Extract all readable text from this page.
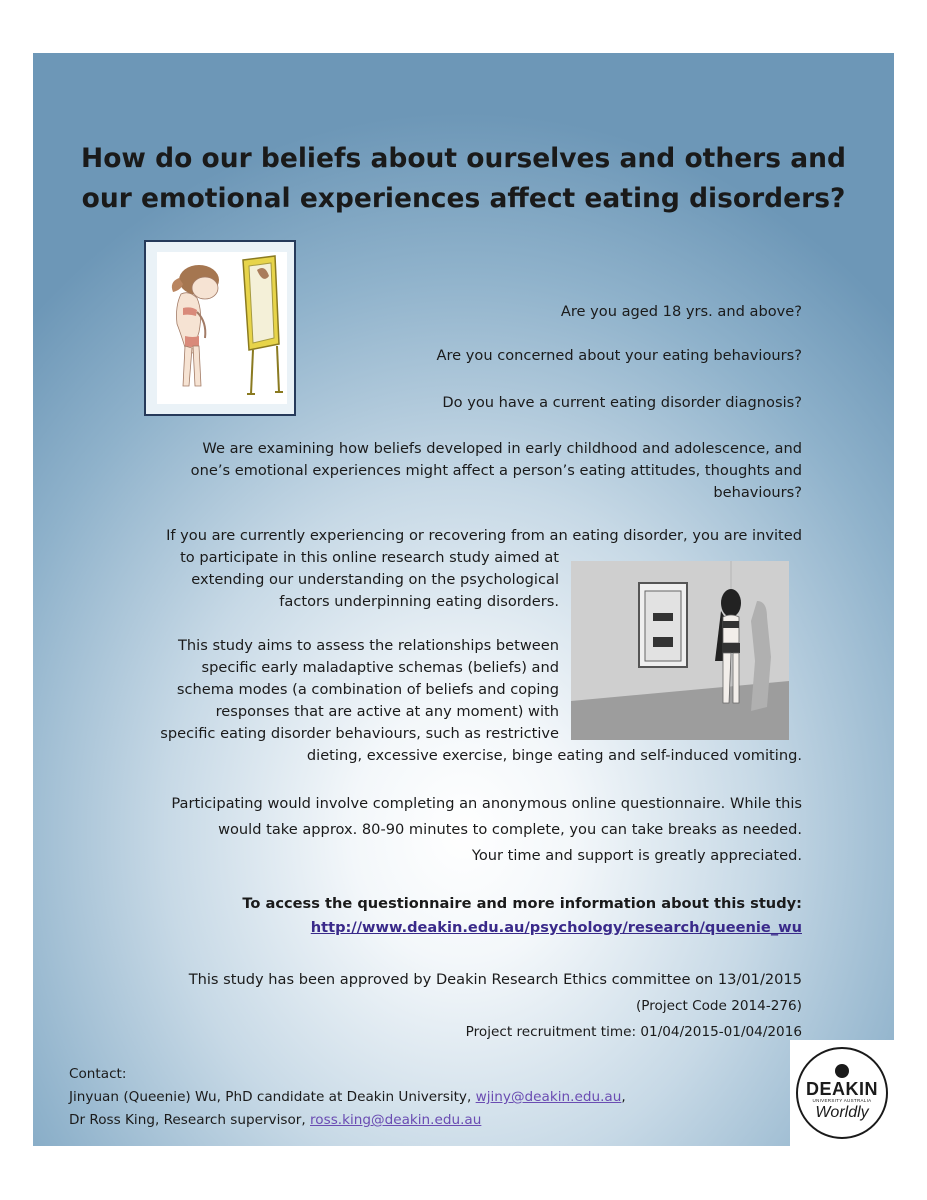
How do our beliefs about ourselves and others and
our emotional experiences affect eating disorders?
Are you aged 18 yrs. and above?
Are you concerned about your eating behaviours?
Do you have a current eating disorder diagnosis?
We are examining how beliefs developed in early childhood and adolescence, and
one’s emotional experiences might affect a person’s eating attitudes, thoughts and
behaviours?
If you are currently experiencing or recovering from an eating disorder, you are invited
to participate in this online research study aimed at
extending our understanding on the psychological
factors underpinning eating disorders.
This study aims to assess the relationships between
specific early maladaptive schemas (beliefs) and
schema modes (a combination of beliefs and coping
responses that are active at any moment) with
specific eating disorder behaviours, such as restrictive
dieting, excessive exercise, binge eating and self-induced vomiting.
Participating would involve completing an anonymous online questionnaire. While this
would take approx. 80-90 minutes to complete, you can take breaks as needed.
Your time and support is greatly appreciated.
To access the questionnaire and more information about this study:
http://www.deakin.edu.au/psychology/research/queenie_wu
This study has been approved by Deakin Research Ethics committee on 13/01/2015
(Project Code 2014-276)
Project recruitment time: 01/04/2015-01/04/2016
Contact:
Jinyuan (Queenie) Wu, PhD candidate at Deakin University, wjiny@deakin.edu.au,
Dr Ross King, Research supervisor, ross.king@deakin.edu.au
DEAKIN
UNIVERSITY AUSTRALIA
Worldly
